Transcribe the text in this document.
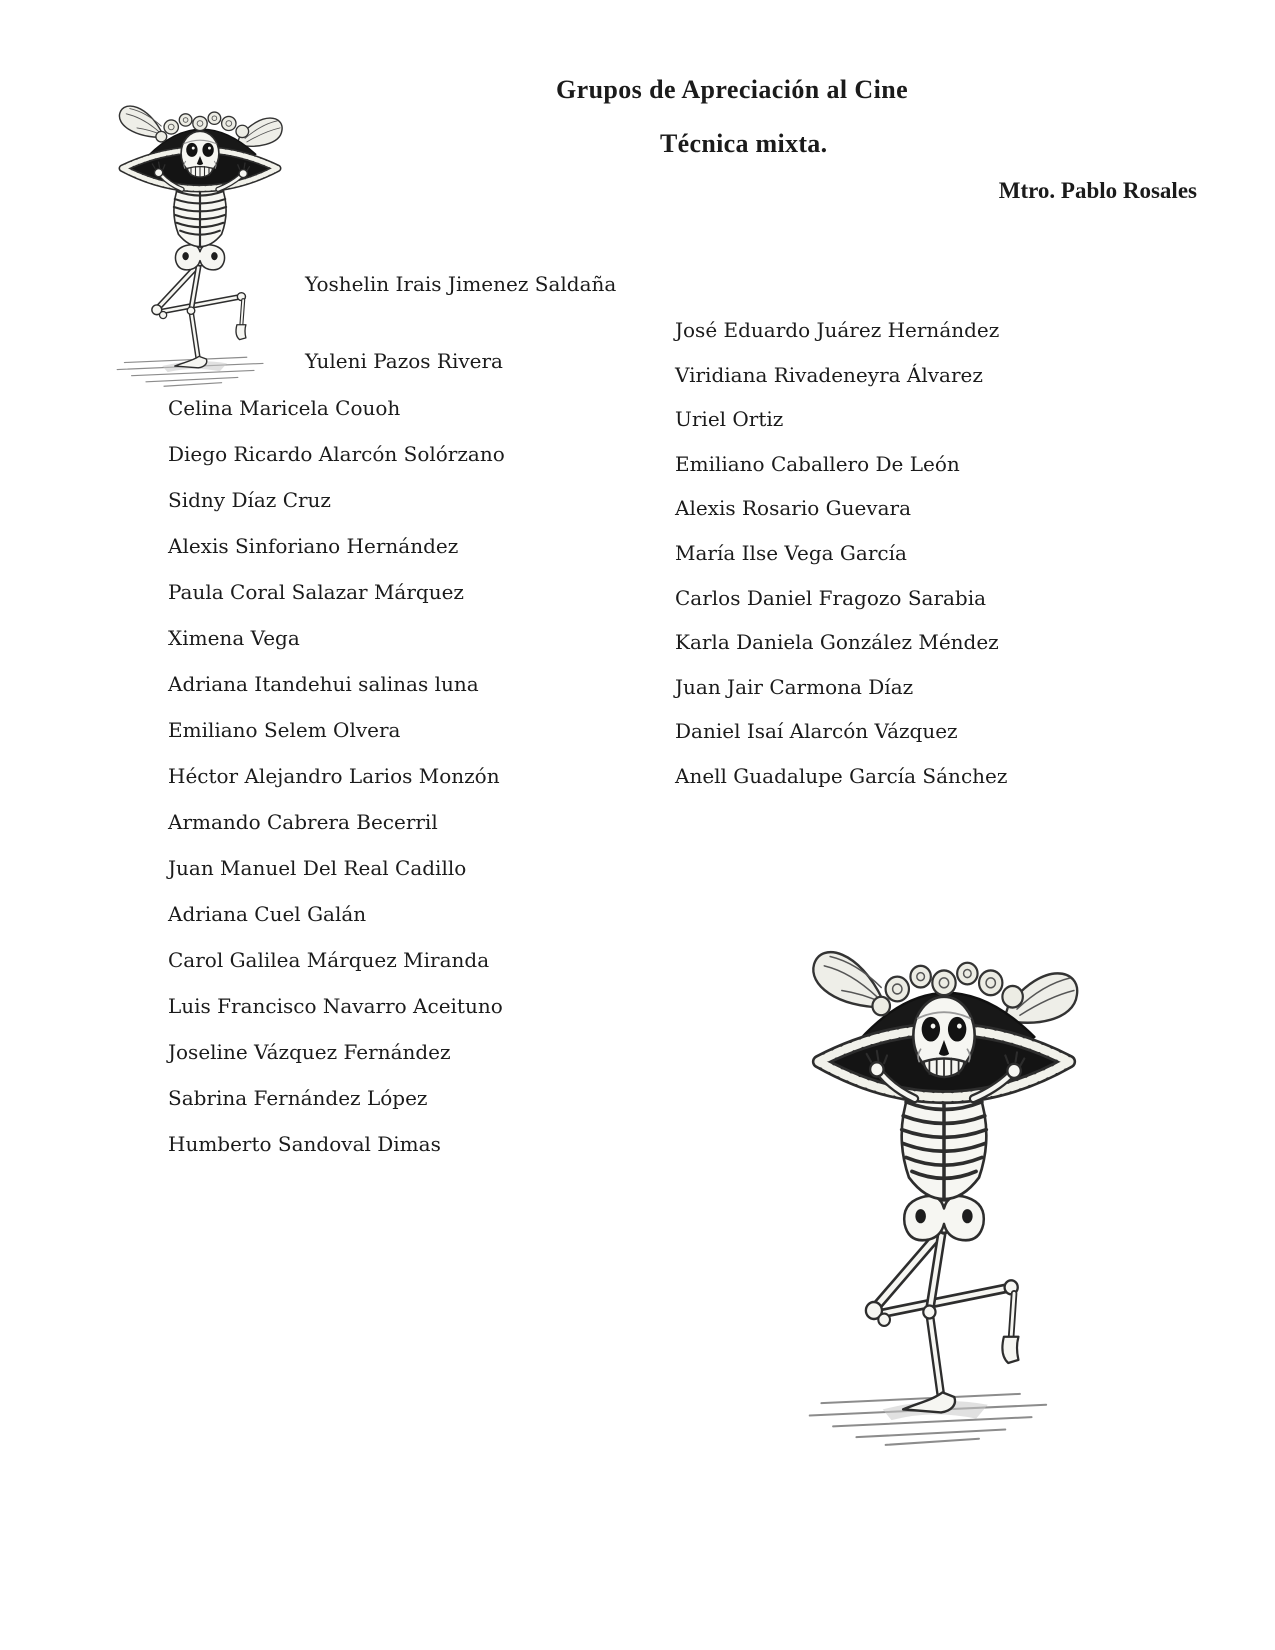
Grupos de Apreciación al Cine
Técnica mixta.
Mtro. Pablo Rosales
Yoshelin Irais Jimenez Saldaña
Yuleni Pazos Rivera
Celina Maricela Couoh
Diego Ricardo Alarcón Solórzano
Sidny Díaz Cruz
Alexis Sinforiano Hernández
Paula Coral Salazar Márquez
Ximena Vega
Adriana Itandehui salinas luna
Emiliano Selem Olvera
Héctor Alejandro Larios Monzón
Armando Cabrera Becerril
Juan Manuel Del Real Cadillo
Adriana Cuel Galán
Carol Galilea Márquez Miranda
Luis Francisco Navarro Aceituno
Joseline Vázquez Fernández
Sabrina Fernández López
Humberto Sandoval Dimas
José Eduardo Juárez Hernández
Viridiana Rivadeneyra Álvarez
Uriel Ortiz
Emiliano Caballero De León
Alexis Rosario Guevara
María Ilse Vega García
Carlos Daniel Fragozo Sarabia
Karla Daniela González Méndez
Juan Jair Carmona Díaz
Daniel Isaí Alarcón Vázquez
Anell Guadalupe García Sánchez
